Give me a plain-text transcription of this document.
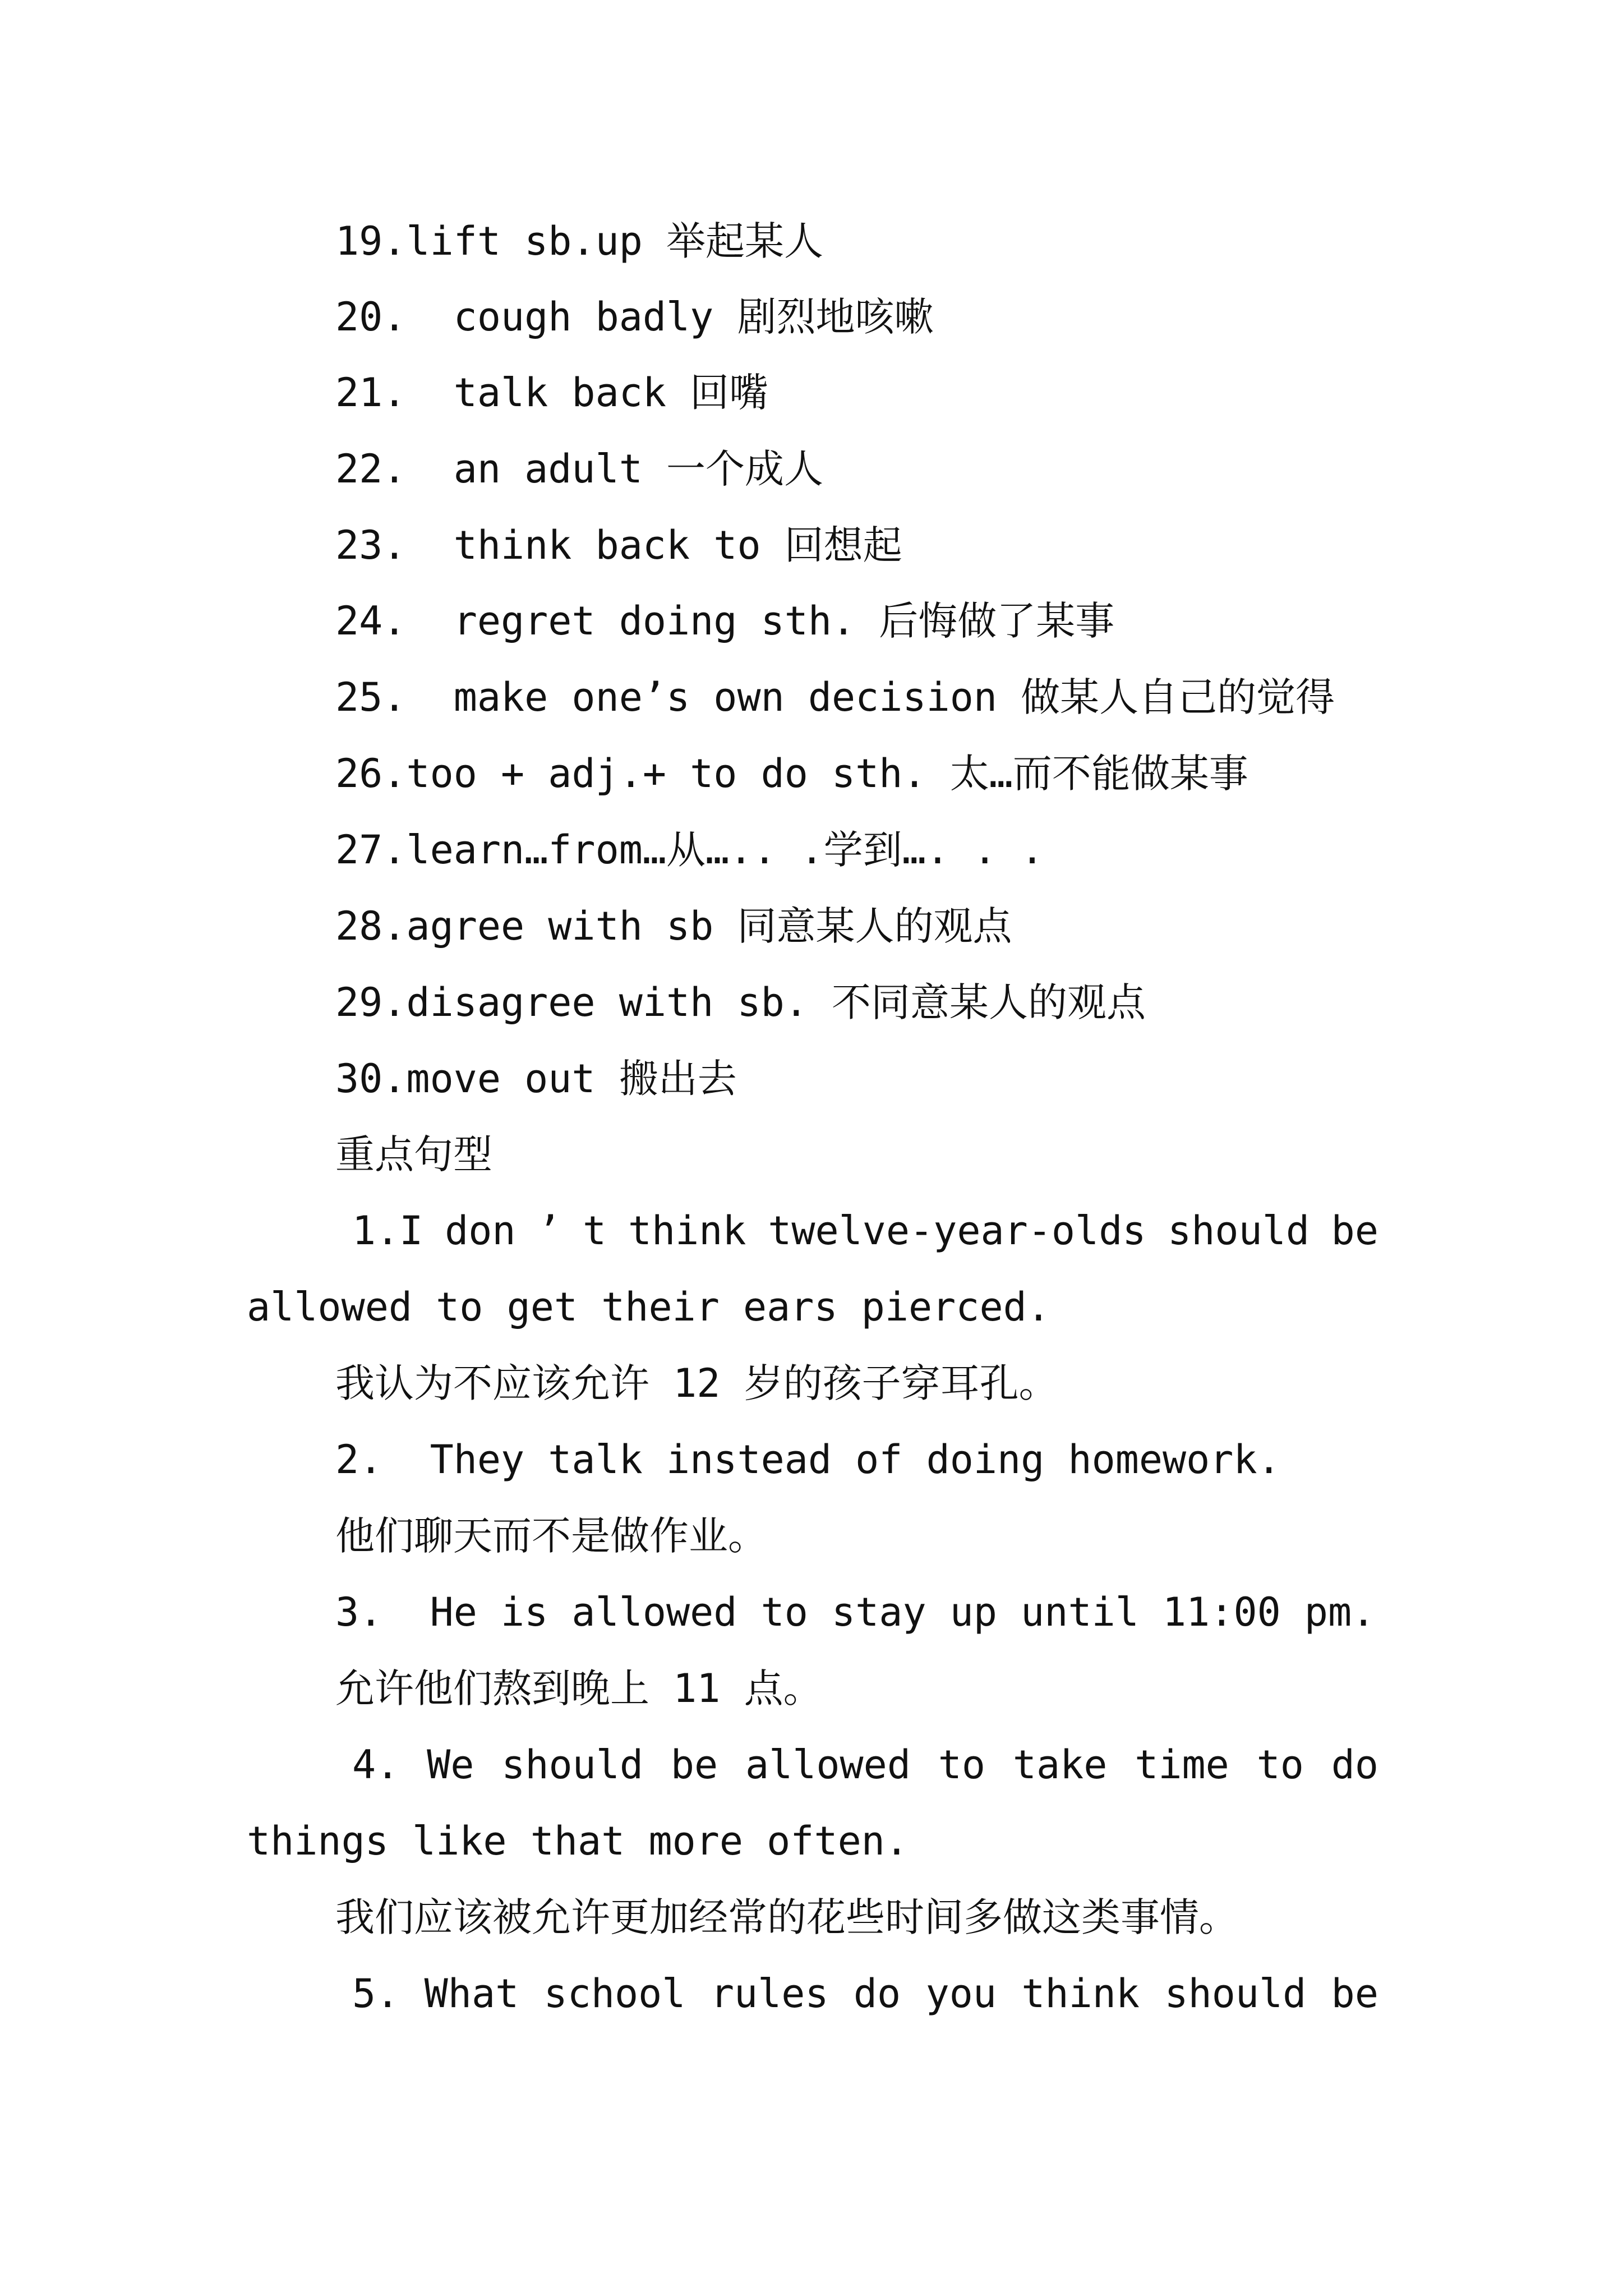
19.lift sb.up 举起某人

20.  cough badly 剧烈地咳嗽

21.  talk back 回嘴

22.  an adult 一个成人

23.  think back to 回想起

24.  regret doing sth. 后悔做了某事

25.  make one’s own decision 做某人自己的觉得

26.too + adj.+ to do sth. 太…而不能做某事

27.learn…from…从….. .学到…. . .

28.agree with sb 同意某人的观点

29.disagree with sb. 不同意某人的观点

30.move out 搬出去

重点句型

1.I don ’ t think twelve-year-olds should be

allowed to get their ears pierced.

我认为不应该允许 12 岁的孩子穿耳孔。

2.  They talk instead of doing homework.

他们聊天而不是做作业。

3.  He is allowed to stay up until 11:00 pm.

允许他们熬到晚上 11 点。

4. We should be allowed to take time to do

things like that more often.

我们应该被允许更加经常的花些时间多做这类事情。

5. What school rules do you think should be
